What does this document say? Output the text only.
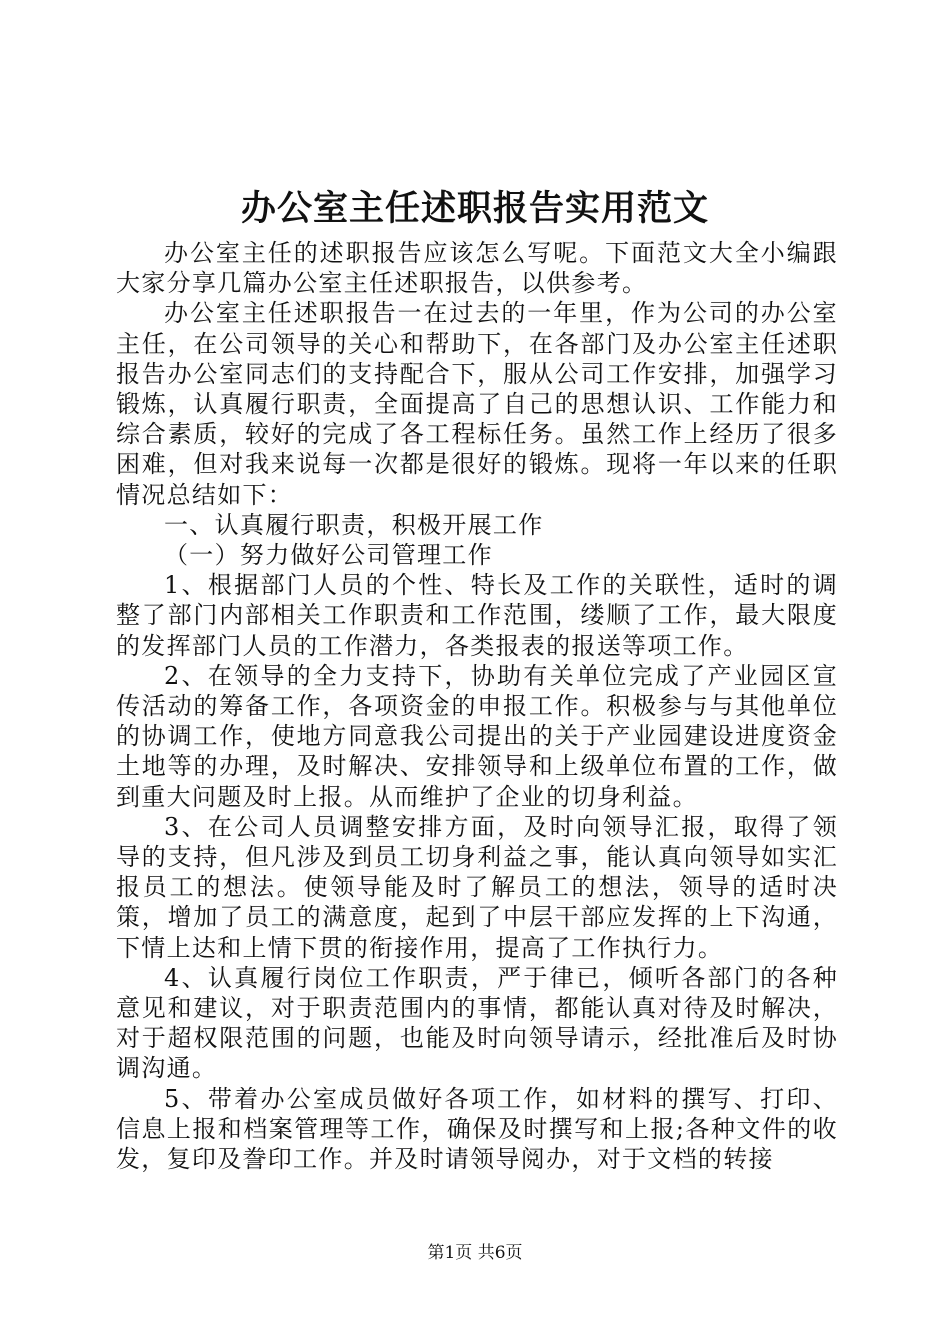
办公室主任述职报告实用范文

办公室主任的述职报告应该怎么写呢。下面范文大全小编跟大家分享几篇办公室主任述职报告，以供参考。

办公室主任述职报告一在过去的一年里，作为公司的办公室主任，在公司领导的关心和帮助下，在各部门及办公室主任述职报告办公室同志们的支持配合下，服从公司工作安排，加强学习锻炼，认真履行职责，全面提高了自己的思想认识、工作能力和综合素质，较好的完成了各工程标任务。虽然工作上经历了很多困难，但对我来说每一次都是很好的锻炼。现将一年以来的任职情况总结如下：

一、认真履行职责，积极开展工作

（一）努力做好公司管理工作

1、根据部门人员的个性、特长及工作的关联性，适时的调整了部门内部相关工作职责和工作范围，缕顺了工作，最大限度的发挥部门人员的工作潜力，各类报表的报送等项工作。

2、在领导的全力支持下，协助有关单位完成了产业园区宣传活动的筹备工作，各项资金的申报工作。积极参与与其他单位的协调工作，使地方同意我公司提出的关于产业园建设进度资金土地等的办理，及时解决、安排领导和上级单位布置的工作，做到重大问题及时上报。从而维护了企业的切身利益。

3、在公司人员调整安排方面，及时向领导汇报，取得了领导的支持，但凡涉及到员工切身利益之事，能认真向领导如实汇报员工的想法。使领导能及时了解员工的想法，领导的适时决策，增加了员工的满意度，起到了中层干部应发挥的上下沟通，下情上达和上情下贯的衔接作用，提高了工作执行力。

4、认真履行岗位工作职责，严于律已，倾听各部门的各种意见和建议，对于职责范围内的事情，都能认真对待及时解决，对于超权限范围的问题，也能及时向领导请示，经批准后及时协调沟通。

5、带着办公室成员做好各项工作，如材料的撰写、打印、信息上报和档案管理等工作，确保及时撰写和上报;各种文件的收发，复印及誊印工作。并及时请领导阅办，对于文档的转接

第1页 共6页
